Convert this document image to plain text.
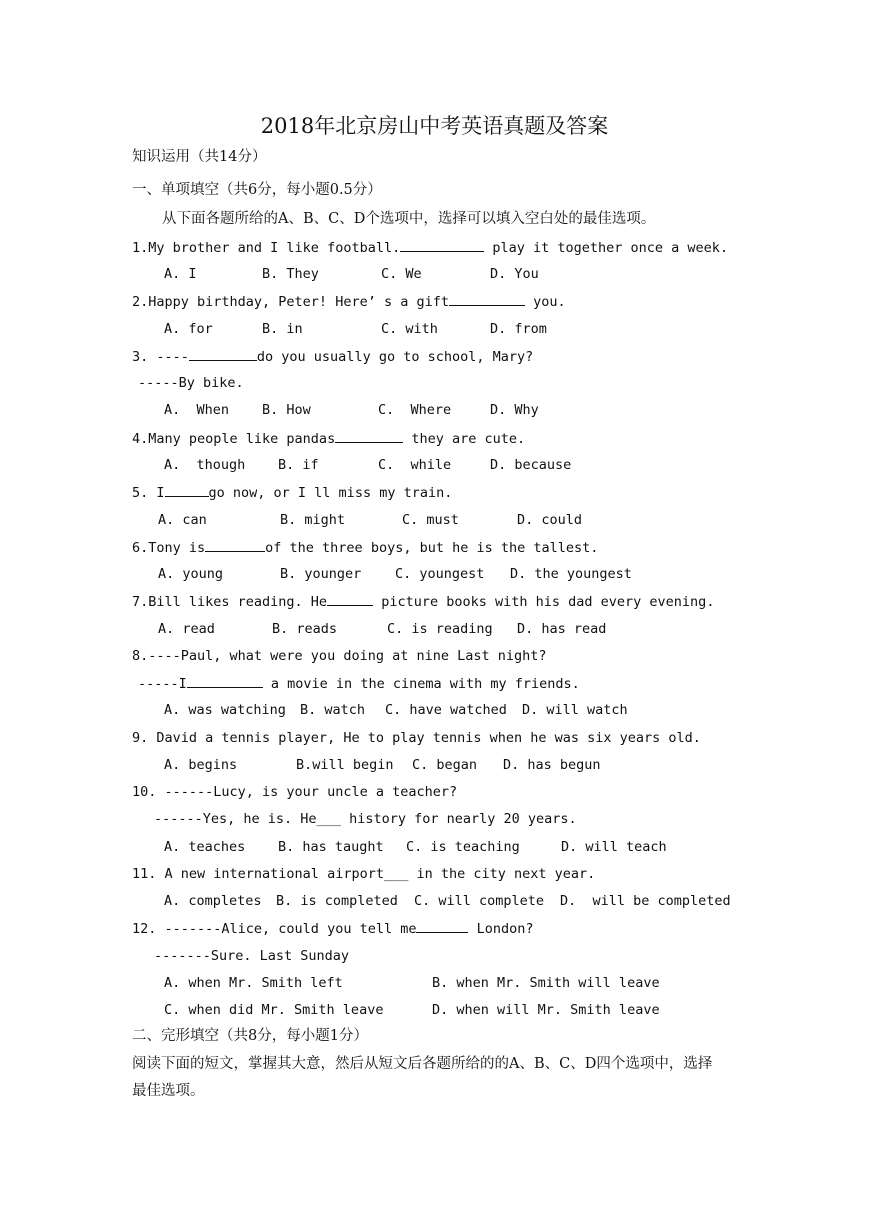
2018年北京房山中考英语真题及答案
知识运用（共14分）
一、单项填空（共6分，每小题0.5分）
从下面各题所给的A、B、C、D个选项中，选择可以填入空白处的最佳选项。
1.My brother and I like football.	play it together once a week.
A. I	B. They	C. We	D. You
2.Happy birthday, Peter! Here’ s a gift	you.
A. for	B. in	C. with	D. from
3. ----	do you usually go to school, Mary?
-----By bike.
A.  When B. How	C.  Where	D. Why
4.Many people like pandas	they are cute.
A.  though B. if	C.  while	D. because
5. I	go now, or I ll miss my train.
A. can	B. might	C. must	D. could
6.Tony is	of the three boys, but he is the tallest.
A. young	B. younger C. youngest D. the youngest
7.Bill likes reading. He	picture books with his dad every evening.
A. read	B. reads	C. is reading D. has read
8.----Paul, what were you doing at nine Last night?
-----I	a movie in the cinema with my friends.
A. was watching B. watch C. have watched D. will watch
9. David a tennis player, He to play tennis when he was six years old.
A. begins	B.will begin C. began D. has begun
10. ------Lucy, is your uncle a teacher?
------Yes, he is. He___ history for nearly 20 years.
A. teaches B. has taught C. is teaching	D. will teach
11. A new international airport___ in the city next year.
A. completes B. is completed C. will complete D.  will be completed
12. -------Alice, could you tell me	London?
-------Sure. Last Sunday
A. when Mr. Smith left	B. when Mr. Smith will leave
C. when did Mr. Smith leave	D. when will Mr. Smith leave
二、完形填空（共8分，每小题1分）
阅读下面的短文，掌握其大意，然后从短文后各题所给的的A、B、C、D四个选项中，选择
最佳选项。
